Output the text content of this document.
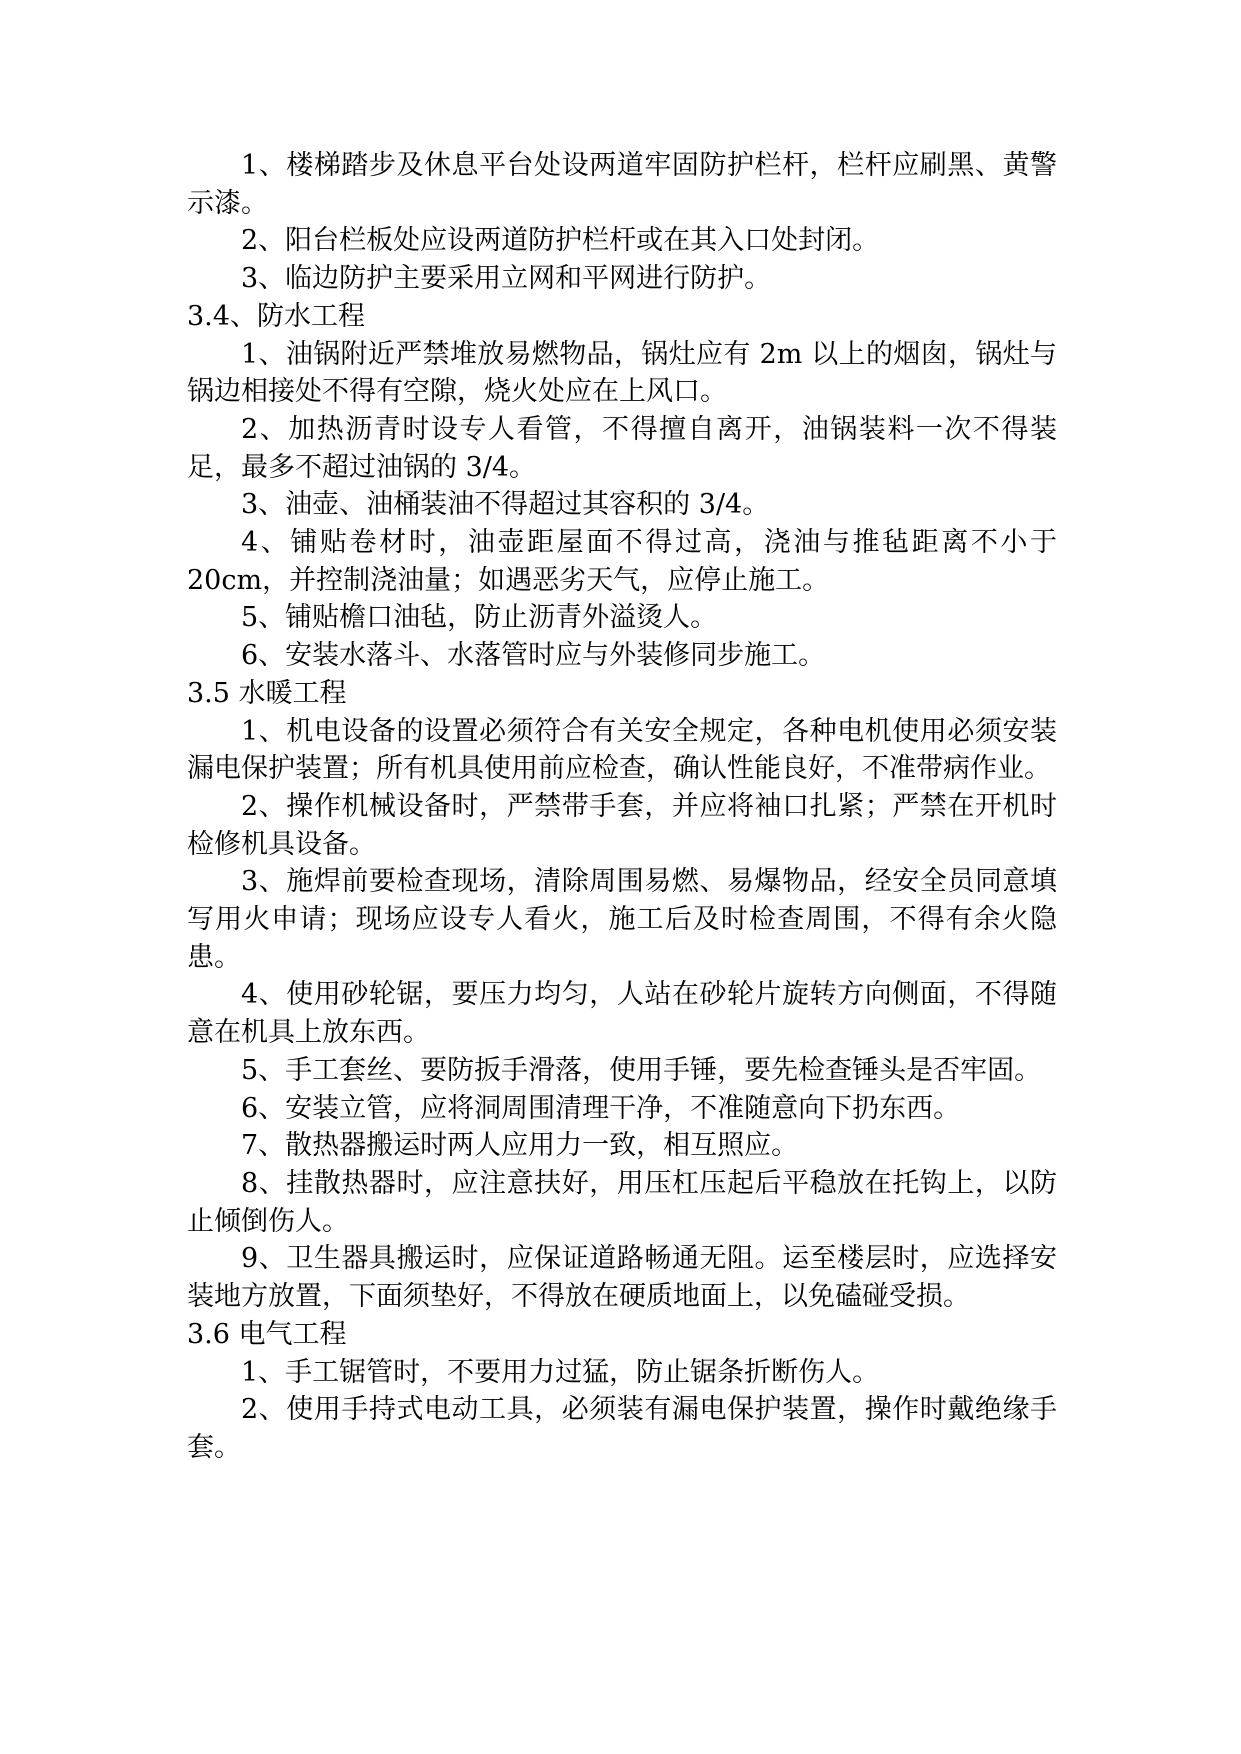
1、楼梯踏步及休息平台处设两道牢固防护栏杆，栏杆应刷黑、黄警示漆。

2、阳台栏板处应设两道防护栏杆或在其入口处封闭。

3、临边防护主要采用立网和平网进行防护。

3.4、防水工程

1、油锅附近严禁堆放易燃物品，锅灶应有 2m 以上的烟囱，锅灶与锅边相接处不得有空隙，烧火处应在上风口。

2、加热沥青时设专人看管，不得擅自离开，油锅装料一次不得装足，最多不超过油锅的 3/4。

3、油壶、油桶装油不得超过其容积的 3/4。

4、铺贴卷材时，油壶距屋面不得过高，浇油与推毡距离不小于 20cm，并控制浇油量；如遇恶劣天气，应停止施工。

5、铺贴檐口油毡，防止沥青外溢烫人。

6、安装水落斗、水落管时应与外装修同步施工。

3.5 水暖工程

1、机电设备的设置必须符合有关安全规定，各种电机使用必须安装漏电保护装置；所有机具使用前应检查，确认性能良好，不准带病作业。

2、操作机械设备时，严禁带手套，并应将袖口扎紧；严禁在开机时检修机具设备。

3、施焊前要检查现场，清除周围易燃、易爆物品，经安全员同意填写用火申请；现场应设专人看火，施工后及时检查周围，不得有余火隐患。

4、使用砂轮锯，要压力均匀，人站在砂轮片旋转方向侧面，不得随意在机具上放东西。

5、手工套丝、要防扳手滑落，使用手锤，要先检查锤头是否牢固。

6、安装立管，应将洞周围清理干净，不准随意向下扔东西。

7、散热器搬运时两人应用力一致，相互照应。

8、挂散热器时，应注意扶好，用压杠压起后平稳放在托钩上，以防止倾倒伤人。

9、卫生器具搬运时，应保证道路畅通无阻。运至楼层时，应选择安装地方放置，下面须垫好，不得放在硬质地面上，以免磕碰受损。

3.6 电气工程

1、手工锯管时，不要用力过猛，防止锯条折断伤人。

2、使用手持式电动工具，必须装有漏电保护装置，操作时戴绝缘手套。
